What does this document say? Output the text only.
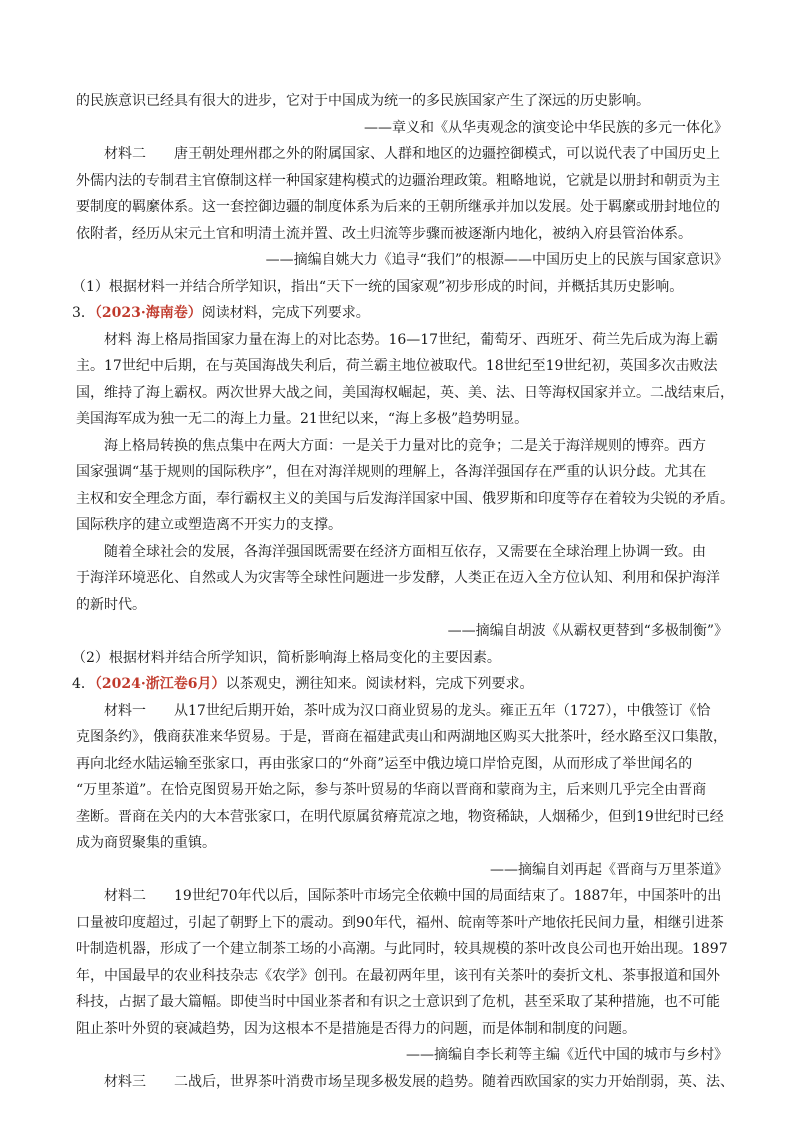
的民族意识已经具有很大的进步，它对于中国成为统一的多民族国家产生了深远的历史影响。
——章义和《从华夷观念的演变论中华民族的多元一体化》
材料二　　唐王朝处理州郡之外的附属国家、人群和地区的边疆控御模式，可以说代表了中国历史上
外儒内法的专制君主官僚制这样一种国家建构模式的边疆治理政策。粗略地说，它就是以册封和朝贡为主
要制度的羁縻体系。这一套控御边疆的制度体系为后来的王朝所继承并加以发展。处于羁縻或册封地位的
依附者，经历从宋元土官和明清土流并置、改土归流等步骤而被逐渐内地化，被纳入府县管治体系。
——摘编自姚大力《追寻“我们”的根源——中国历史上的民族与国家意识》
（1）根据材料一并结合所学知识，指出“天下一统的国家观”初步形成的时间，并概括其历史影响。
3．（2023·海南卷）阅读材料，完成下列要求。
材料 海上格局指国家力量在海上的对比态势。16—17世纪，葡萄牙、西班牙、荷兰先后成为海上霸
主。17世纪中后期，在与英国海战失利后，荷兰霸主地位被取代。18世纪至19世纪初，英国多次击败法
国，维持了海上霸权。两次世界大战之间，美国海权崛起，英、美、法、日等海权国家并立。二战结束后，
美国海军成为独一无二的海上力量。21世纪以来，“海上多极”趋势明显。
海上格局转换的焦点集中在两大方面：一是关于力量对比的竞争；二是关于海洋规则的博弈。西方
国家强调“基于规则的国际秩序”，但在对海洋规则的理解上，各海洋强国存在严重的认识分歧。尤其在
主权和安全理念方面，奉行霸权主义的美国与后发海洋国家中国、俄罗斯和印度等存在着较为尖锐的矛盾。
国际秩序的建立或塑造离不开实力的支撑。
随着全球社会的发展，各海洋强国既需要在经济方面相互依存，又需要在全球治理上协调一致。由
于海洋环境恶化、自然或人为灾害等全球性问题进一步发酵，人类正在迈入全方位认知、利用和保护海洋
的新时代。
——摘编自胡波《从霸权更替到“多极制衡”》
（2）根据材料并结合所学知识，简析影响海上格局变化的主要因素。
4．（2024·浙江卷6月）以茶观史，溯往知来。阅读材料，完成下列要求。
材料一　　从17世纪后期开始，茶叶成为汉口商业贸易的龙头。雍正五年（1727），中俄签订《恰
克图条约》，俄商获准来华贸易。于是，晋商在福建武夷山和两湖地区购买大批茶叶，经水路至汉口集散，
再向北经水陆运输至张家口，再由张家口的“外商”运至中俄边境口岸恰克图，从而形成了举世闻名的
“万里茶道”。在恰克图贸易开始之际，参与茶叶贸易的华商以晋商和蒙商为主，后来则几乎完全由晋商
垄断。晋商在关内的大本营张家口，在明代原属贫瘠荒凉之地，物资稀缺，人烟稀少，但到19世纪时已经
成为商贸聚集的重镇。
——摘编自刘再起《晋商与万里茶道》
材料二　　19世纪70年代以后，国际茶叶市场完全依赖中国的局面结束了。1887年，中国茶叶的出
口量被印度超过，引起了朝野上下的震动。到90年代，福州、皖南等茶叶产地依托民间力量，相继引进茶
叶制造机器，形成了一个建立制茶工场的小高潮。与此同时，较具规模的茶叶改良公司也开始出现。1897
年，中国最早的农业科技杂志《农学》创刊。在最初两年里，该刊有关茶叶的奏折文札、茶事报道和国外
科技，占据了最大篇幅。即使当时中国业茶者和有识之士意识到了危机，甚至采取了某种措施，也不可能
阻止茶叶外贸的衰减趋势，因为这根本不是措施是否得力的问题，而是体制和制度的问题。
——摘编自李长莉等主编《近代中国的城市与乡村》
材料三　　二战后，世界茶叶消费市场呈现多极发展的趋势。随着西欧国家的实力开始削弱，英、法、
